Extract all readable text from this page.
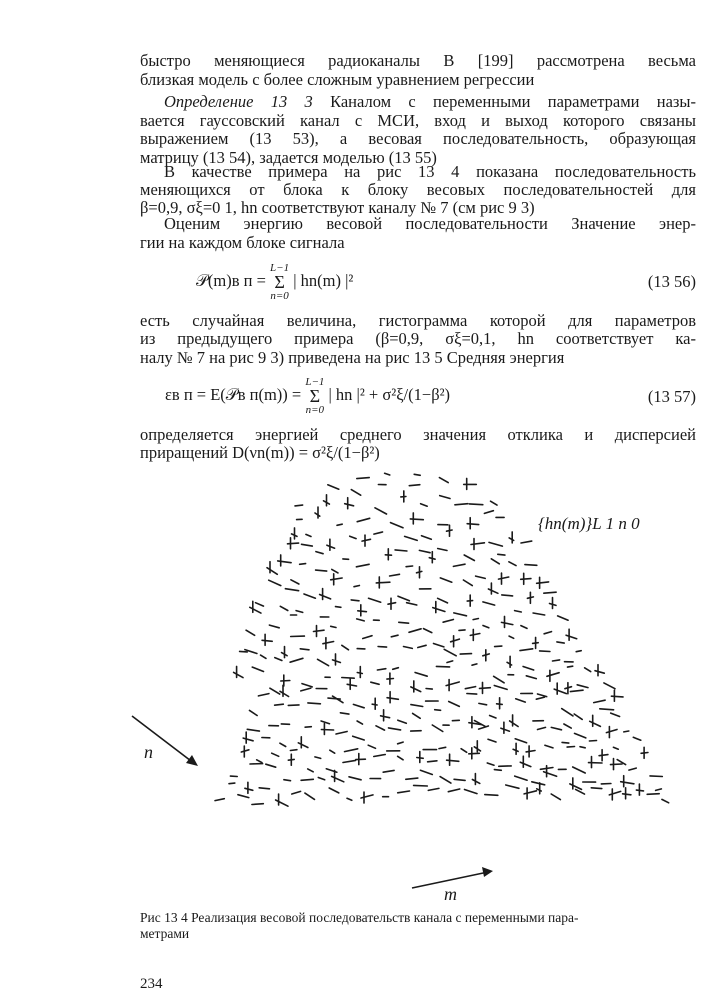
быстро меняющиеся радиоканалы В [199] рассмотрена весьма

близкая модель с более сложным уравнением регрессии

Определение 13 3 Каналом с переменными параметрами назы-

вается гауссовский канал с МСИ, вход и выход которого связаны

выражением (13 53), а весовая последовательность, образующая

матрицу (13 54), задается моделью (13 55)

В качестве примера на рис 13 4 показана последовательность

меняющихся от блока к блоку весовых последовательностей для

β=0,9, σξ=0 1, hn соответствуют каналу № 7 (см рис 9 3)

Оценим энергию весовой последовательности Значение энер-

гии на каждом блоке сигнала

𝒫(m)в п =
L−1
Σ
n=0
| hn(m) |²	(13 56)

есть случайная величина, гистограмма которой для параметров

из предыдущего примера (β=0,9, σξ=0,1, hn соответствует ка-

налу № 7 на рис 9 3) приведена на рис 13 5 Средняя энергия

εв п = E(𝒫в п(m)) =
L−1
Σ
n=0
| hn |² + σ²ξ/(1−β²)	(13 57)

определяется энергией среднего значения отклика и дисперсией

приращений D(νn(m)) = σ²ξ/(1−β²)

{hn(m)}L 1 n 0
n
m
Рис 13 4 Реализация весовой последовательств канала с переменными пара-
метрами
234
